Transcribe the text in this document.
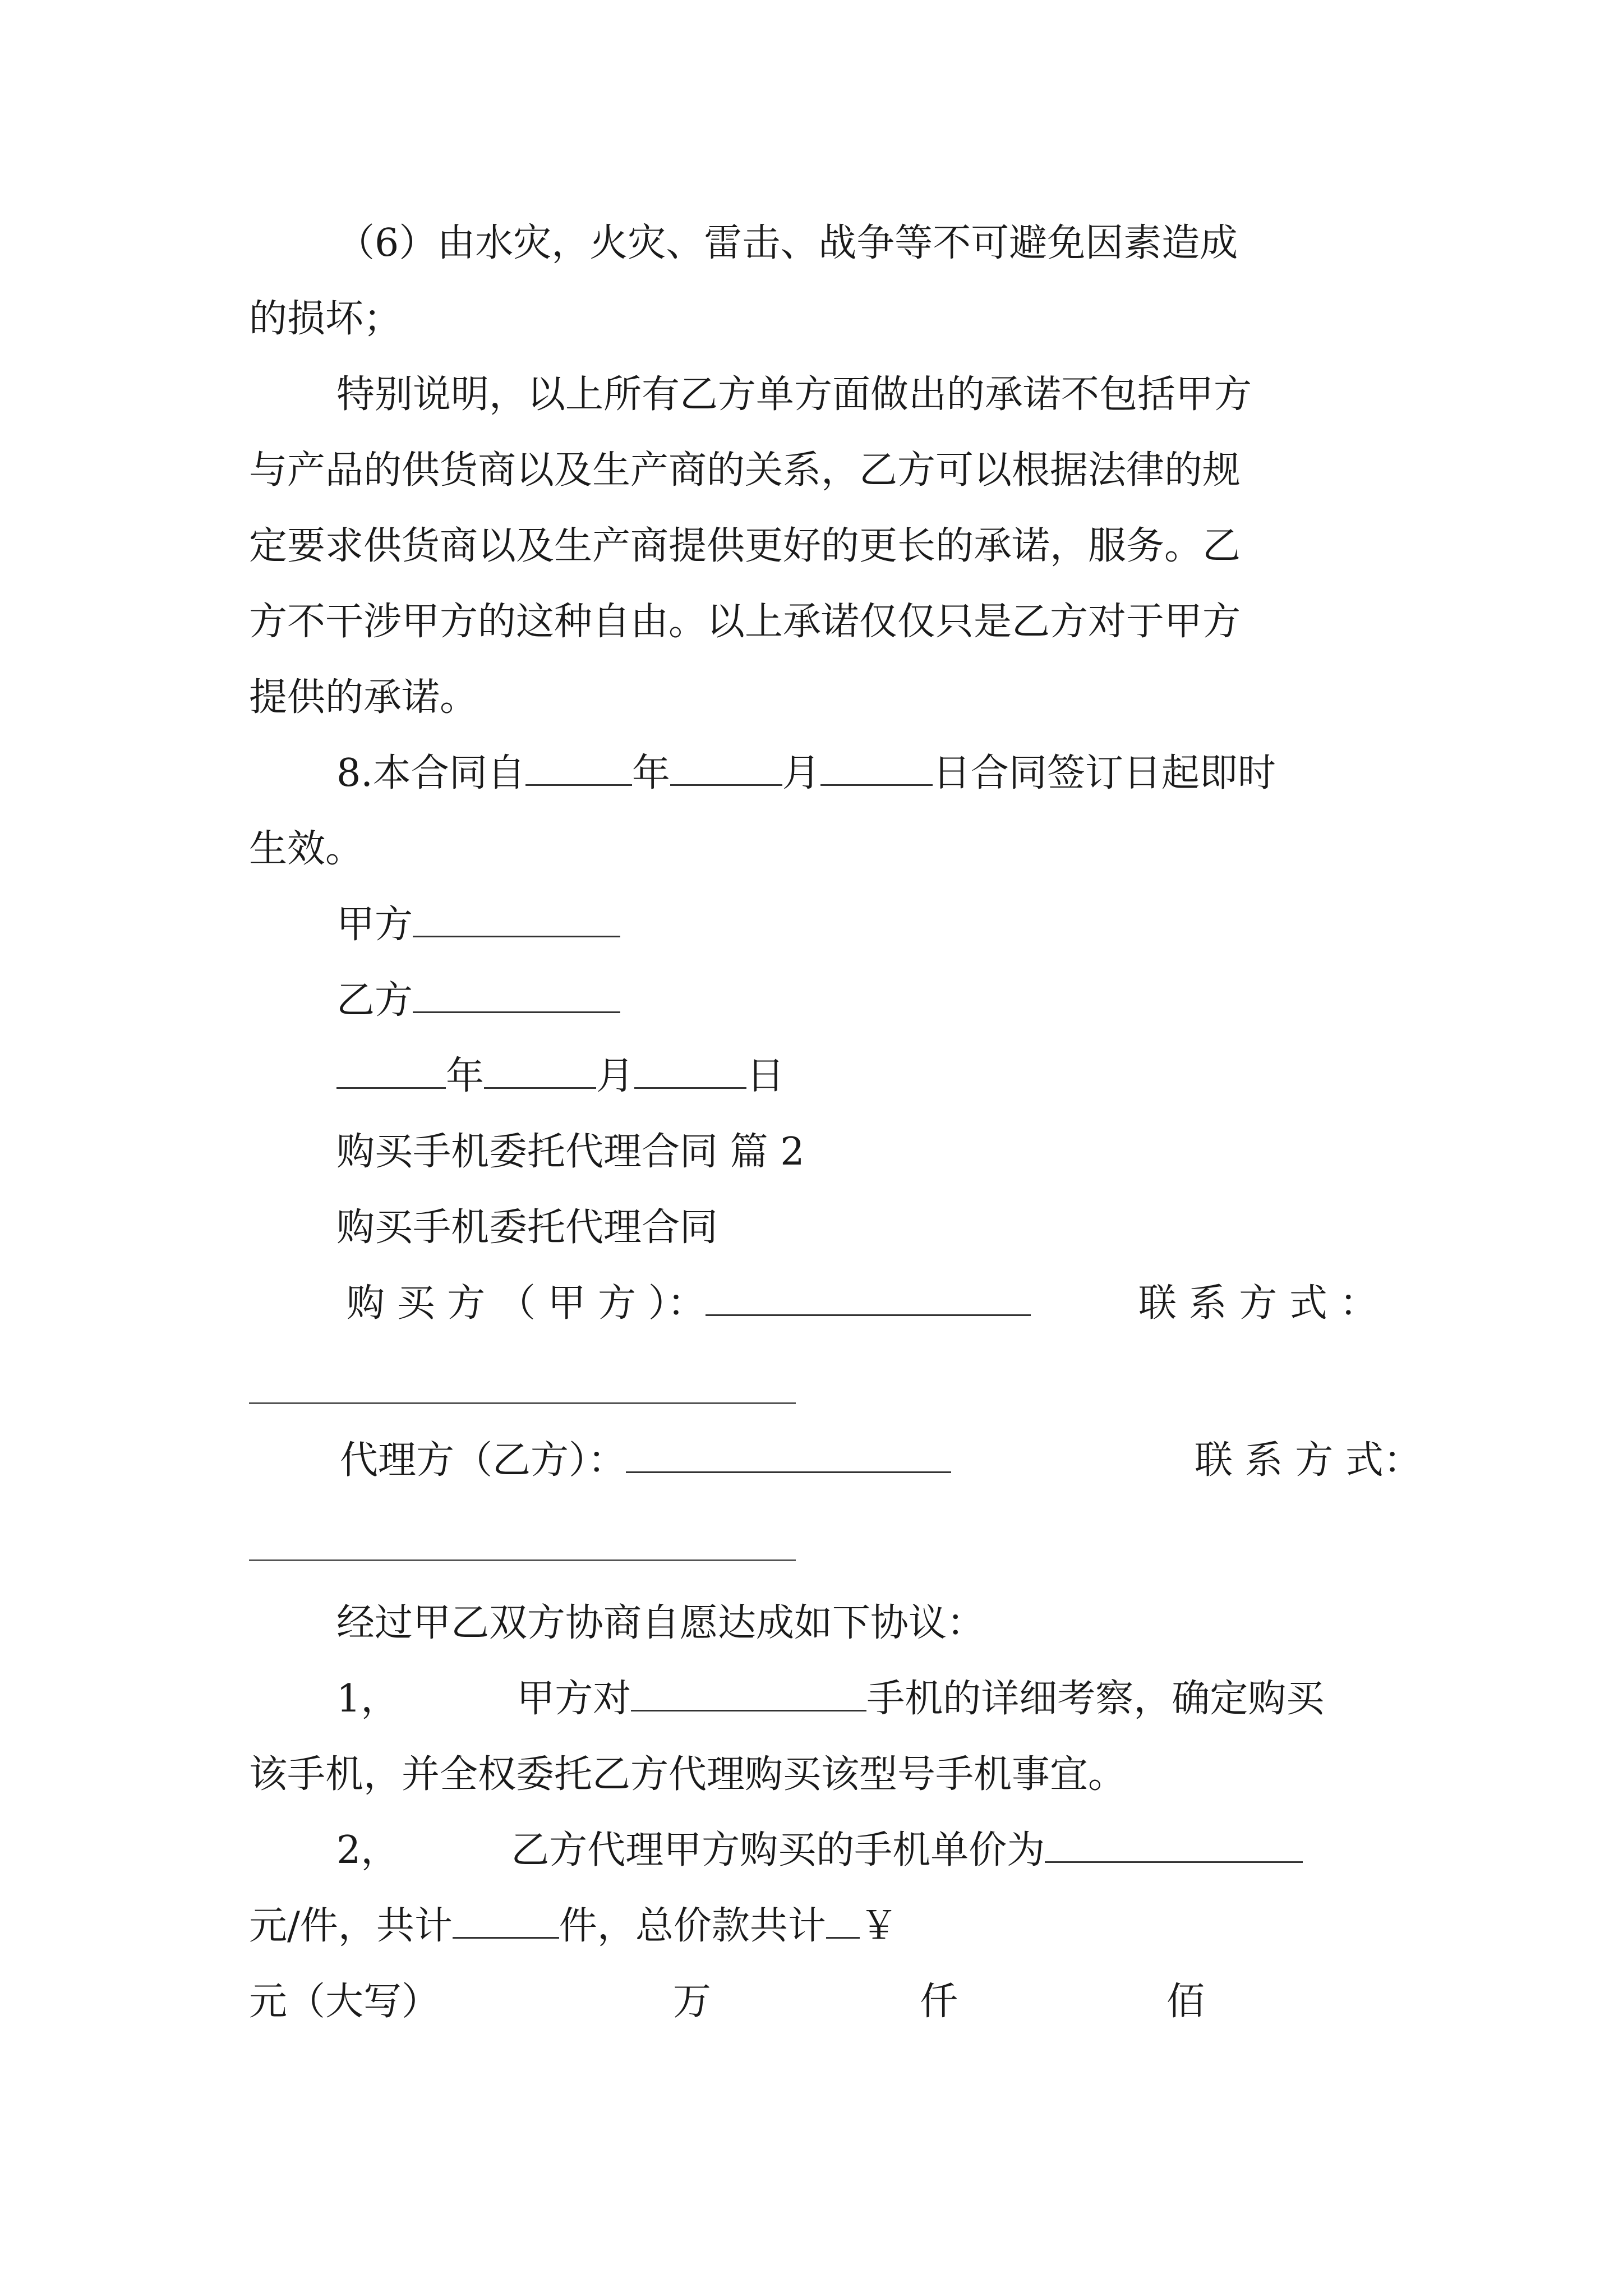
（6）由水灾，火灾、雷击、战争等不可避免因素造成
的损坏；
特别说明，以上所有乙方单方面做出的承诺不包括甲方
与产品的供货商以及生产商的关系，乙方可以根据法律的规
定要求供货商以及生产商提供更好的更长的承诺，服务。乙
方不干涉甲方的这种自由。以上承诺仅仅只是乙方对于甲方
提供的承诺。
8.本合同自	年	月	日合同签订日起即时
生效。
甲方
乙方
年	月	日
购买手机委托代理合同 篇 2
购买手机委托代理合同
购 买 方 （ 甲 方 ）：	联 系 方 式 ：
代理方（乙方）：	联 系 方 式：
经过甲乙双方协商自愿达成如下协议：
1，	甲方对	手机的详细考察，确定购买
该手机，并全权委托乙方代理购买该型号手机事宜。
2，	乙方代理甲方购买的手机单价为
元/件，共计	件，总价款共计 ￥
元（大写）	万	仟	佰
